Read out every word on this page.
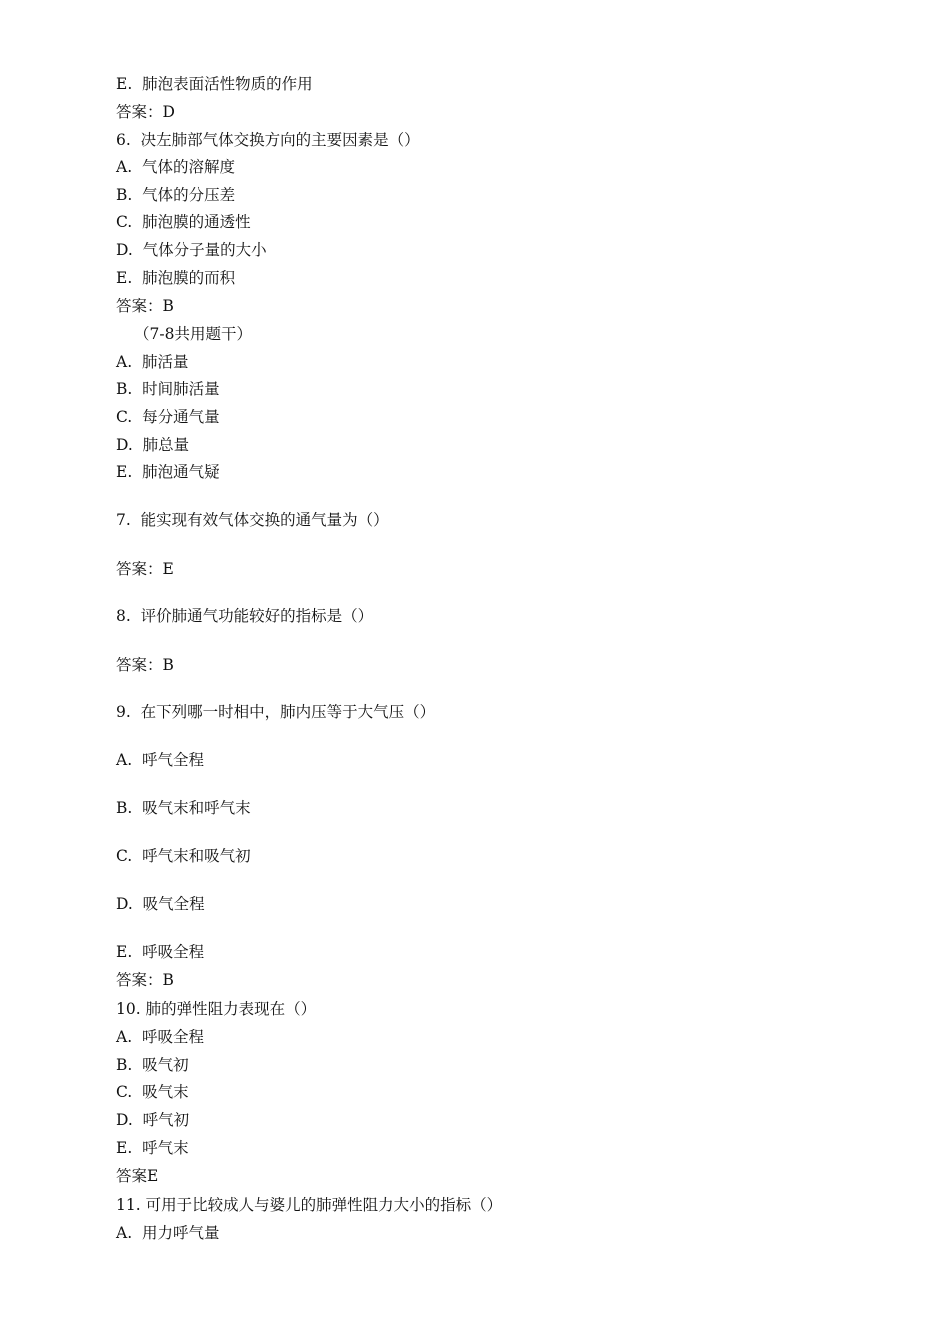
E.  肺泡表面活性物质的作用
答案：D
6.  决左肺部气体交换方向的主要因素是（）
A.  气体的溶解度
B.  气体的分压差
C.  肺泡膜的通透性
D.  气体分子量的大小
E.  肺泡膜的而积
答案：B
（7-8共用题干）
A.  肺活量
B.  时间肺活量
C.  每分通气量
D.  肺总量
E.  肺泡通气疑
7.  能实现有效气体交换的通气量为（）
答案：E
8.  评价肺通气功能较好的指标是（）
答案：B
9.  在下列哪一时相中，肺内压等于大气压（）
A.  呼气全程
B.  吸气末和呼气末
C.  呼气末和吸气初
D.  吸气全程
E.  呼吸全程
答案：B
10. 肺的弹性阻力表现在（）
A.  呼吸全程
B.  吸气初
C.  吸气末
D.  呼气初
E.  呼气末
答案E
11. 可用于比较成人与婆儿的肺弹性阻力大小的指标（）
A.  用力呼气量
